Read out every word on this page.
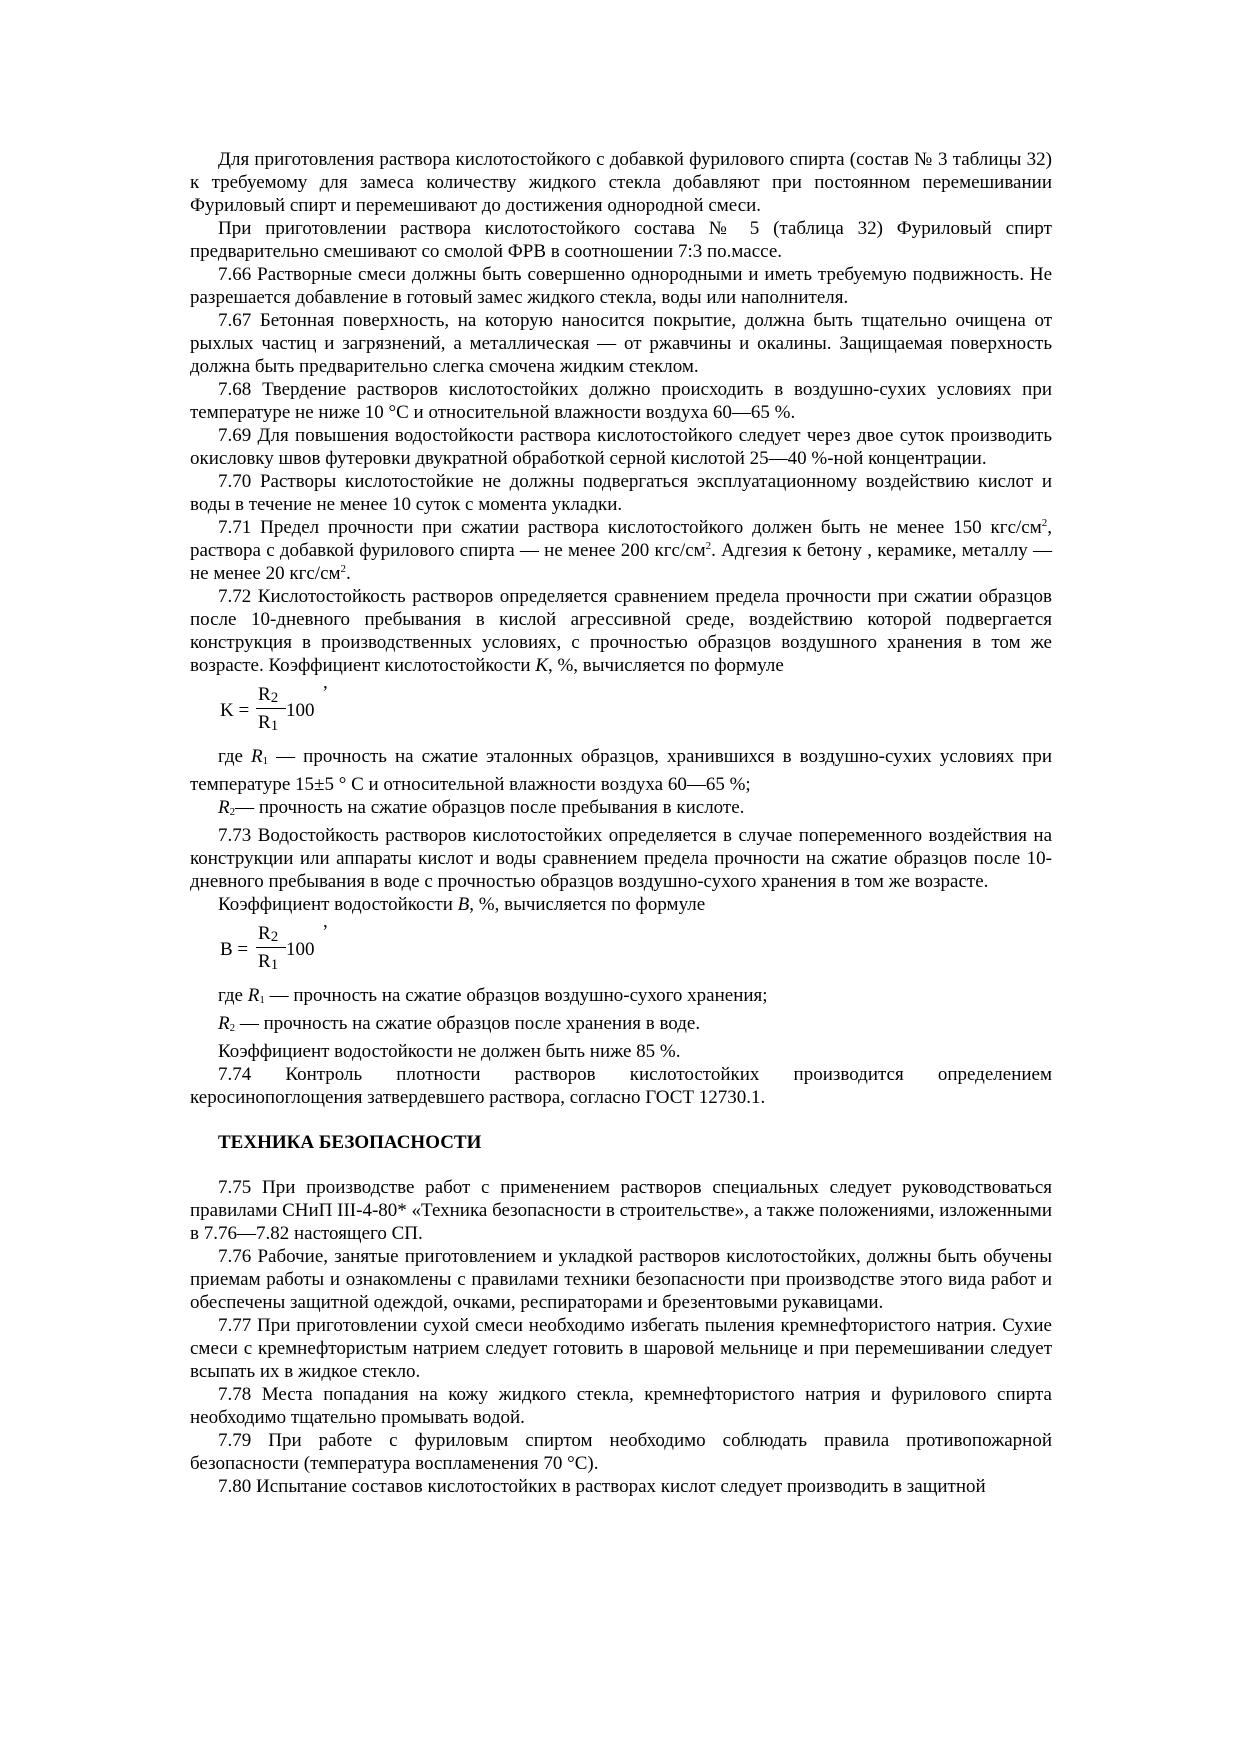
Для приготовления раствора кислотостойкого с добавкой фурилового спирта (состав № 3 таблицы 32) к требуемому для замеса количеству жидкого стекла добавляют при постоянном перемешивании Фуриловый спирт и перемешивают до достижения однородной смеси.

При приготовлении раствора кислотостойкого состава № 5 (таблица 32) Фуриловый спирт предварительно смешивают со смолой ФРВ в соотношении 7:3 по.массе.

7.66 Растворные смеси должны быть совершенно однородными и иметь требуемую подвижность. Не разрешается добавление в готовый замес жидкого стекла, воды или наполнителя.

7.67 Бетонная поверхность, на которую наносится покрытие, должна быть тщательно очищена от рыхлых частиц и загрязнений, а металлическая — от ржавчины и окалины. Защищаемая поверхность должна быть предварительно слегка смочена жидким стеклом.

7.68 Твердение растворов кислотостойких должно происходить в воздушно-сухих условиях при температуре не ниже 10 °С и относительной влажности воздуха 60—65 %.

7.69 Для повышения водостойкости раствора кислотостойкого следует через двое суток производить окисловку швов футеровки двукратной обработкой серной кислотой 25—40 %-ной концентрации.

7.70 Растворы кислотостойкие не должны подвергаться эксплуатационному воздействию кислот и воды в течение не менее 10 суток с момента укладки.

7.71 Предел прочности при сжатии раствора кислотостойкого должен быть не менее 150 кгс/$см^2$, раствора с добавкой фурилового спирта — не менее 200 кгс/$см^2$. Адгезия к бетону , керамике, металлу — не менее 20 кгс/$см^2$.

7.72 Кислотостойкость растворов определяется сравнением предела прочности при сжатии образцов после 10-дневного пребывания в кислой агрессивной среде, воздействию которой подвергается конструкция в производственных условиях, с прочностью образцов воздушного хранения в том же возрасте. Коэффициент кислотостойкости K, %, вычисляется по формуле

,
K =
$R_2$
$R_1$
100

где $R_1$ — прочность на сжатие эталонных образцов, хранившихся в воздушно-сухих условиях при температуре 15±5 ° С и относительной влажности воздуха 60—65 %;

$R_2—$ прочность на сжатие образцов после пребывания в кислоте.

7.73 Водостойкость растворов кислотостойких определяется в случае попеременного воздействия на конструкции или аппараты кислот и воды сравнением предела прочности на сжатие образцов после 10-дневного пребывания в воде с прочностью образцов воздушно-сухого хранения в том же возрасте.

Коэффициент водостойкости В, %, вычисляется по формуле

,
B =
$R_2$
$R_1$
100

где $R_1$ — прочность на сжатие образцов воздушно-сухого хранения;

$R_2$ — прочность на сжатие образцов после хранения в воде.

Коэффициент водостойкости не должен быть ниже 85 %.

7.74 Контроль плотности растворов кислотостойких производится определением керосинопоглощения затвердевшего раствора, согласно ГОСТ 12730.1.

ТЕХНИКА БЕЗОПАСНОСТИ

7.75 При производстве работ с применением растворов специальных следует руководствоваться правилами СНиП III-4-80* «Техника безопасности в строительстве», а также положениями, изложенными в 7.76—7.82 настоящего СП.

7.76 Рабочие, занятые приготовлением и укладкой растворов кислотостойких, должны быть обучены приемам работы и ознакомлены с правилами техники безопасности при производстве этого вида работ и обеспечены защитной одеждой, очками, респираторами и брезентовыми рукавицами.

7.77 При приготовлении сухой смеси необходимо избегать пыления кремнефтористого натрия. Сухие смеси с кремнефтористым натрием следует готовить в шаровой мельнице и при перемешивании следует всыпать их в жидкое стекло.

7.78 Места попадания на кожу жидкого стекла, кремнефтористого натрия и фурилового спирта необходимо тщательно промывать водой.

7.79 При работе с фуриловым спиртом необходимо соблюдать правила противопожарной безопасности (температура воспламенения 70 °С).

7.80 Испытание составов кислотостойких в растворах кислот следует производить в защитной
